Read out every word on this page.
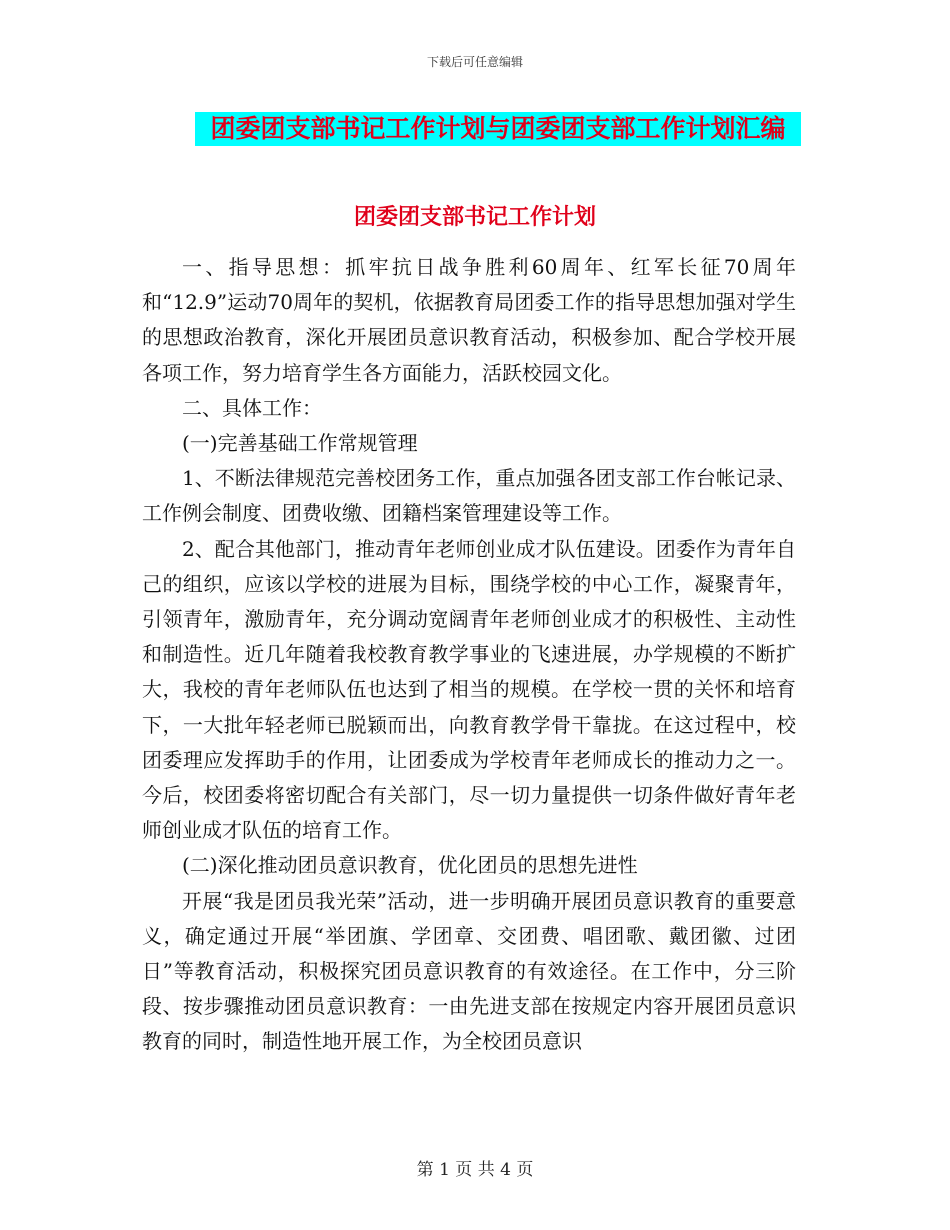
下载后可任意编辑
团委团支部书记工作计划与团委团支部工作计划汇编
团委团支部书记工作计划

一、指导思想：抓牢抗日战争胜利60周年、红军长征70周年和“12.9”运动70周年的契机，依据教育局团委工作的指导思想加强对学生的思想政治教育，深化开展团员意识教育活动，积极参加、配合学校开展各项工作，努力培育学生各方面能力，活跃校园文化。

二、具体工作：

(一)完善基础工作常规管理

1、不断法律规范完善校团务工作，重点加强各团支部工作台帐记录、工作例会制度、团费收缴、团籍档案管理建设等工作。

2、配合其他部门，推动青年老师创业成才队伍建设。团委作为青年自己的组织，应该以学校的进展为目标，围绕学校的中心工作，凝聚青年，引领青年，激励青年，充分调动宽阔青年老师创业成才的积极性、主动性和制造性。近几年随着我校教育教学事业的飞速进展，办学规模的不断扩大，我校的青年老师队伍也达到了相当的规模。在学校一贯的关怀和培育下，一大批年轻老师已脱颖而出，向教育教学骨干靠拢。在这过程中，校团委理应发挥助手的作用，让团委成为学校青年老师成长的推动力之一。今后，校团委将密切配合有关部门，尽一切力量提供一切条件做好青年老师创业成才队伍的培育工作。

(二)深化推动团员意识教育，优化团员的思想先进性

开展“我是团员我光荣”活动，进一步明确开展团员意识教育的重要意义，确定通过开展“举团旗、学团章、交团费、唱团歌、戴团徽、过团日”等教育活动，积极探究团员意识教育的有效途径。在工作中，分三阶段、按步骤推动团员意识教育：一由先进支部在按规定内容开展团员意识教育的同时，制造性地开展工作，为全校团员意识

第 1 页 共 4 页
